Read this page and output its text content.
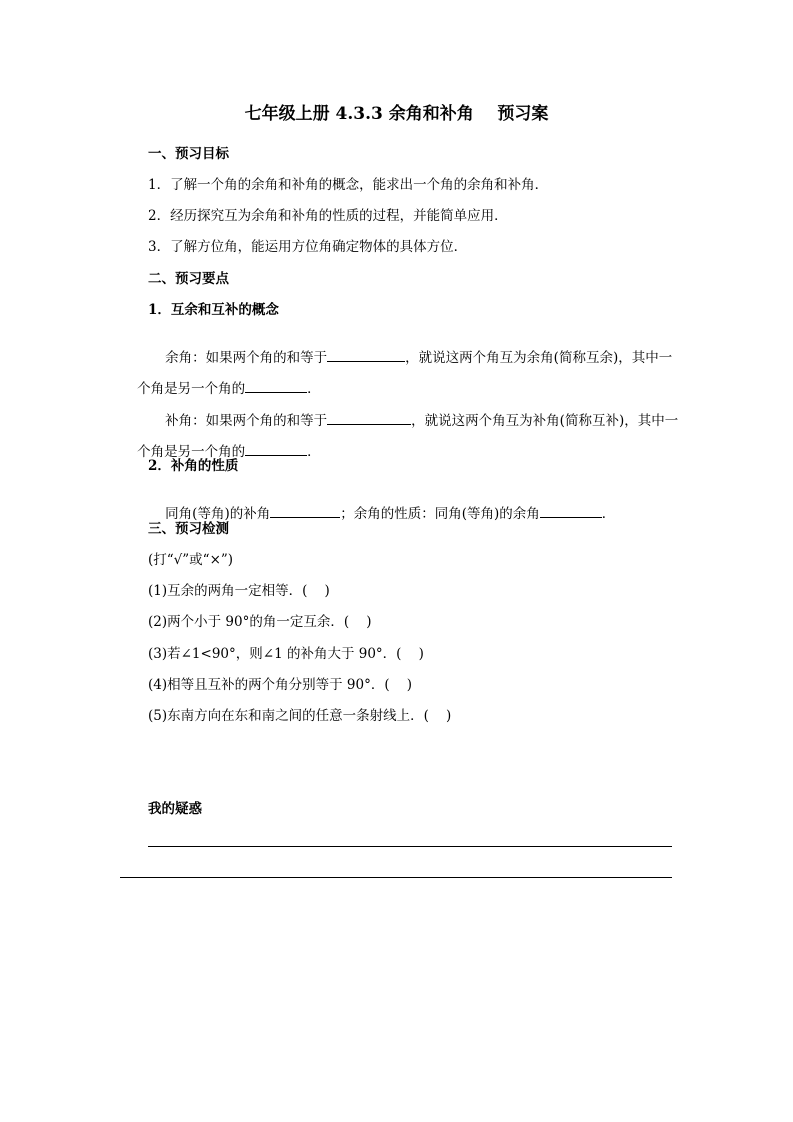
七年级上册 4.3.3 余角和补角    预习案
一、预习目标
1．了解一个角的余角和补角的概念，能求出一个角的余角和补角．
2．经历探究互为余角和补角的性质的过程，并能简单应用．
3．了解方位角，能运用方位角确定物体的具体方位．
二、预习要点
1．互余和互补的概念

余角：如果两个角的和等于	，就说这两个角互为余角(简称互余)，其中一

个角是另一个角的	．

补角：如果两个角的和等于	，就说这两个角互为补角(简称互补)，其中一

个角是另一个角的	．

2．补角的性质

同角(等角)的补角	；余角的性质：同角(等角)的余角	．

三、预习检测
(打“√”或“×”)
(1)互余的两角一定相等．(    )
(2)两个小于 90°的角一定互余．(    )
(3)若∠1<90°，则∠1 的补角大于 90°．(    )
(4)相等且互补的两个角分别等于 90°．(    )
(5)东南方向在东和南之间的任意一条射线上．(    )
我的疑惑
